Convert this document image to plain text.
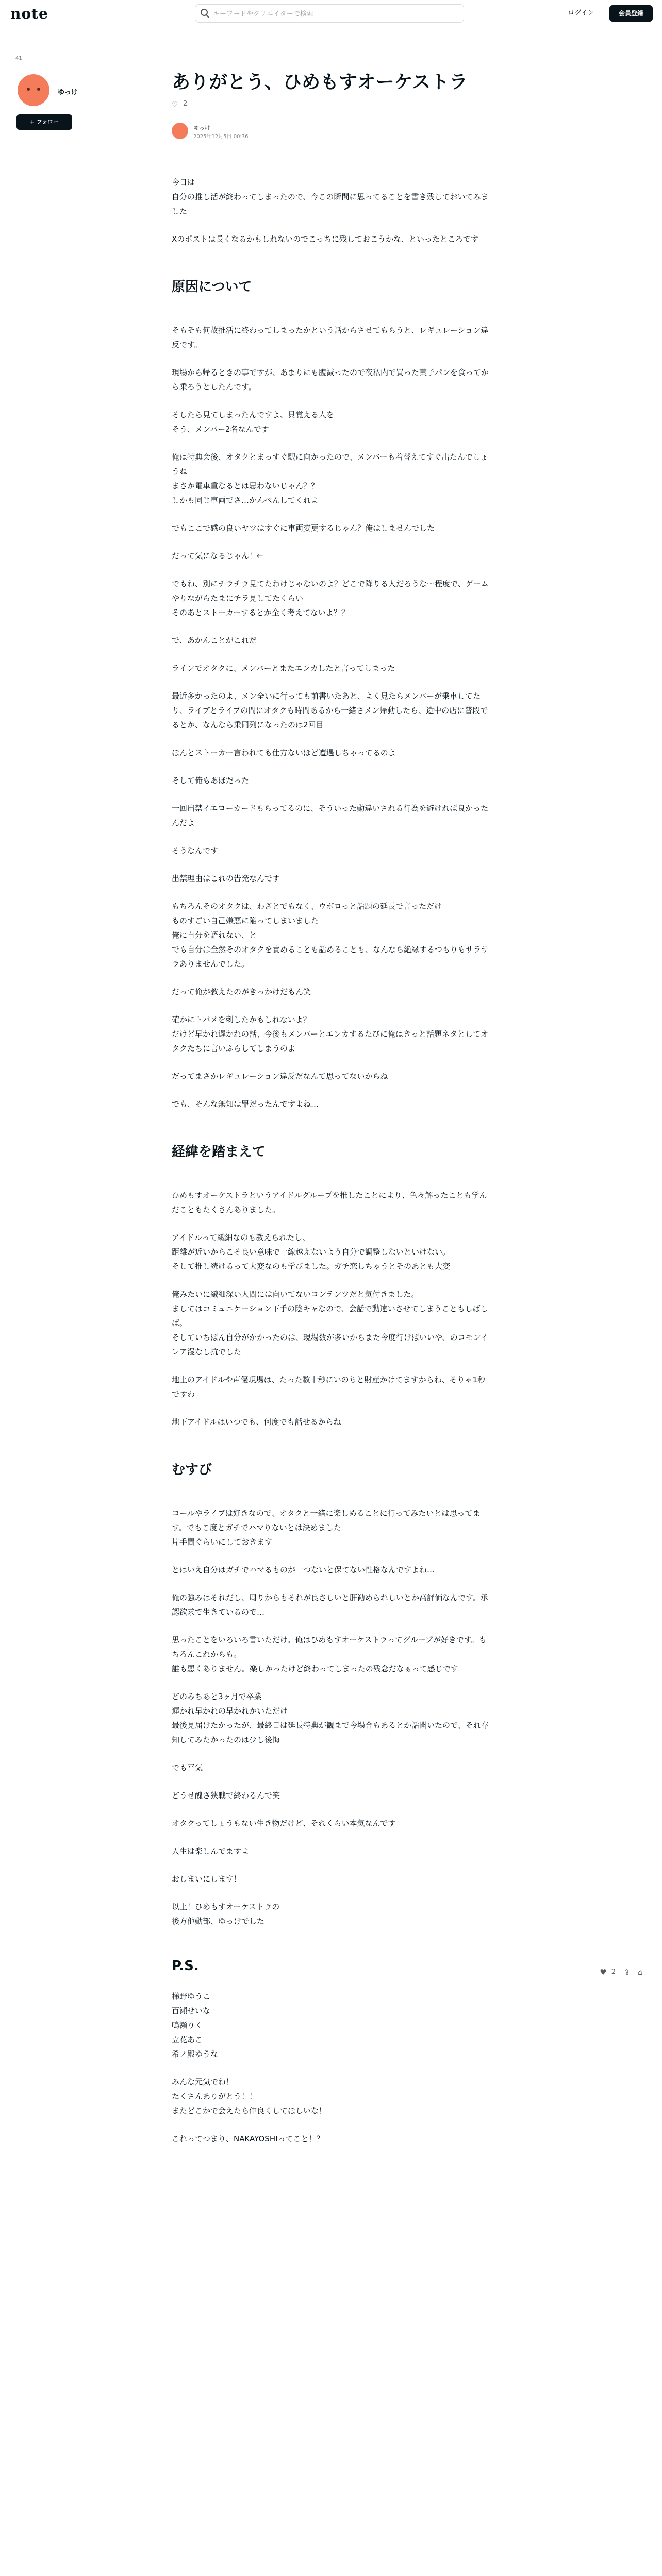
note
キーワードやクリエイターで検索	ログイン	会員登録
41
ゆっけ
+ フォロー
ありがとう、ひめもすオーケストラ
♡ 2
ゆっけ
2025年12月5日 00:36

今日は
自分の推し活が終わってしまったので、今この瞬間に思ってることを書き残しておいてみました

Xのポストは長くなるかもしれないのでこっちに残しておこうかな、といったところです

原因について

そもそも何故推活に終わってしまったかという話からさせてもらうと、レギュレーション違反です。

現場から帰るときの事ですが、あまりにも腹減ったので夜私内で買った菓子パンを食ってから乗ろうとしたんです。

そしたら見てしまったんですよ、貝覚える人を
そう、メンバー2名なんです

俺は特典会後、オタクとまっすぐ駅に向かったので、メンバーも着替えてすぐ出たんでしょうね
まさか電車重なるとは思わないじゃん？？
しかも同じ車両でさ…かんべんしてくれよ

でもここで感の良いヤツはすぐに車両変更するじゃん？俺はしませんでした

だって気になるじゃん！←

でもね、別にチラチラ見てたわけじゃないのよ？どこで降りる人だろうな〜程度で、ゲームやりながらたまにチラ見してたくらい
そのあとストーカーするとか全く考えてないよ？？

で、あかんことがこれだ

ラインでオタクに、メンバーとまたエンカしたと言ってしまった

最近多かったのよ、メン全いに行っても前書いたあと、よく見たらメンバーが乗車してたり、ライブとライブの間にオタクも時間あるから一緒さメン帰動したら、途中の店に普段でるとか、なんなら乗同列になったのは2回目

ほんとストーカー言われても仕方ないほど遭遇しちゃってるのよ

そして俺もあほだった

一回出禁イエローカードもらってるのに、そういった動違いされる行為を避ければ良かったんだよ

そうなんです

出禁理由はこれの告発なんです

もちろんそのオタクは、わざとでもなく、ウボロっと話題の延長で言っただけ
ものすごい自己嫌悪に陥ってしまいました
俺に自分を語れない、と
でも自分は全然そのオタクを責めることも話めることも、なんなら絶縁するつもりもサラサラありませんでした。

だって俺が教えたのがきっかけだもん笑

確かにトバメを刺したかもしれないよ？
だけど早かれ遅かれの話、今後もメンバーとエンカするたびに俺はきっと話題ネタとしてオタクたちに言いふらしてしまうのよ

だってまさかレギュレーション違反だなんて思ってないからね

でも、そんな無知は罪だったんですよね…

経緯を踏まえて

ひめもすオーケストラというアイドルグループを推したことにより、色々解ったことも学んだこともたくさんありました。

アイドルって繊細なのも教えられたし、
距離が近いからこそ良い意味で一線越えないよう自分で調整しないといけない。
そして推し続けるって大変なのも学びました。ガチ恋しちゃうとそのあとも大変

俺みたいに繊細深い人間には向いてないコンテンツだと気付きました。
ましてはコミュニケーション下手の陰キャなので、会話で動違いさせてしまうこともしばしば。
そしていちばん自分がかかったのは、現場数が多いからまた今度行けばいいや、のコモンイレア漫なし抗でした

地上のアイドルや声優現場は、たった数十秒にいのちと財産かけてますからね、そりゃ1秒ですわ

地下アイドルはいつでも、何度でも話せるからね

むすび

コールやライブは好きなので、オタクと一緒に楽しめることに行ってみたいとは思ってます。でもこ度とガチでハマりないとは決めました
片手間ぐらいにしておきます

とはいえ自分はガチでハマるものが一つないと保てない性格なんですよね…

俺の強みはそれだし、周りからもそれが良さしいと肝勧められしいとか高評価なんです。承認欲求で生きているので…

思ったことをいろいろ書いただけ。俺はひめもすオーケストラってグループが好きです。もちろんこれからも。
誰も悪くありません。楽しかったけど終わってしまったの残念だなぁって感じです

どのみちあと3ヶ月で卒業
遅かれ早かれの早かれかいただけ
最後見届けたかったが、最終日は延長特典が観まで今場合もあるとか話聞いたので、それ存知してみたかったのは少し後悔

でも平気

どうせ醜さ狭戦で終わるんで笑

オタクってしょうもない生き物だけど、それくらい本気なんです

人生は楽しんでますよ

おしまいにします！

以上！ひめもすオーケストラの
後方他動部、ゆっけでした

P.S.

梯野ゆうこ
百瀬せいな
鳴瀬りく
立花あこ
希ノ殿ゆうな

みんな元気でね！
たくさんありがとう！！
またどこかで会えたら仲良くしてほしいな！

これってつまり、NAKAYOSHIってこと！？

♥ 2	⇪ ⌂
